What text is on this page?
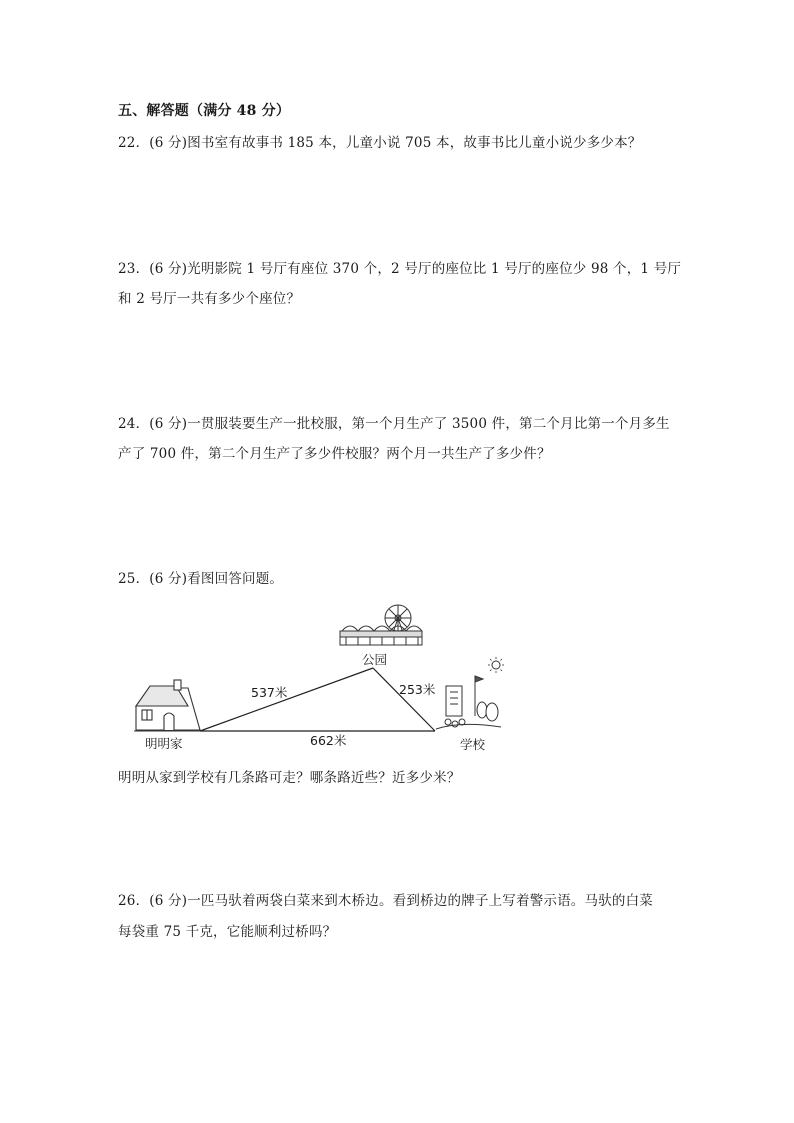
五、解答题（满分 48 分）
22．(6 分)图书室有故事书 185 本，儿童小说 705 本，故事书比儿童小说少多少本？
23．(6 分)光明影院 1 号厅有座位 370 个，2 号厅的座位比 1 号厅的座位少 98 个，1 号厅
和 2 号厅一共有多少个座位？
24．(6 分)一贯服装要生产一批校服，第一个月生产了 3500 件，第二个月比第一个月多生
产了 700 件，第二个月生产了多少件校服？两个月一共生产了多少件？
25．(6 分)看图回答问题。
公园
537米	253米
明明家	662米	学校
明明从家到学校有几条路可走？哪条路近些？近多少米？
26．(6 分)一匹马驮着两袋白菜来到木桥边。看到桥边的牌子上写着警示语。马驮的白菜
每袋重 75 千克，它能顺利过桥吗？
